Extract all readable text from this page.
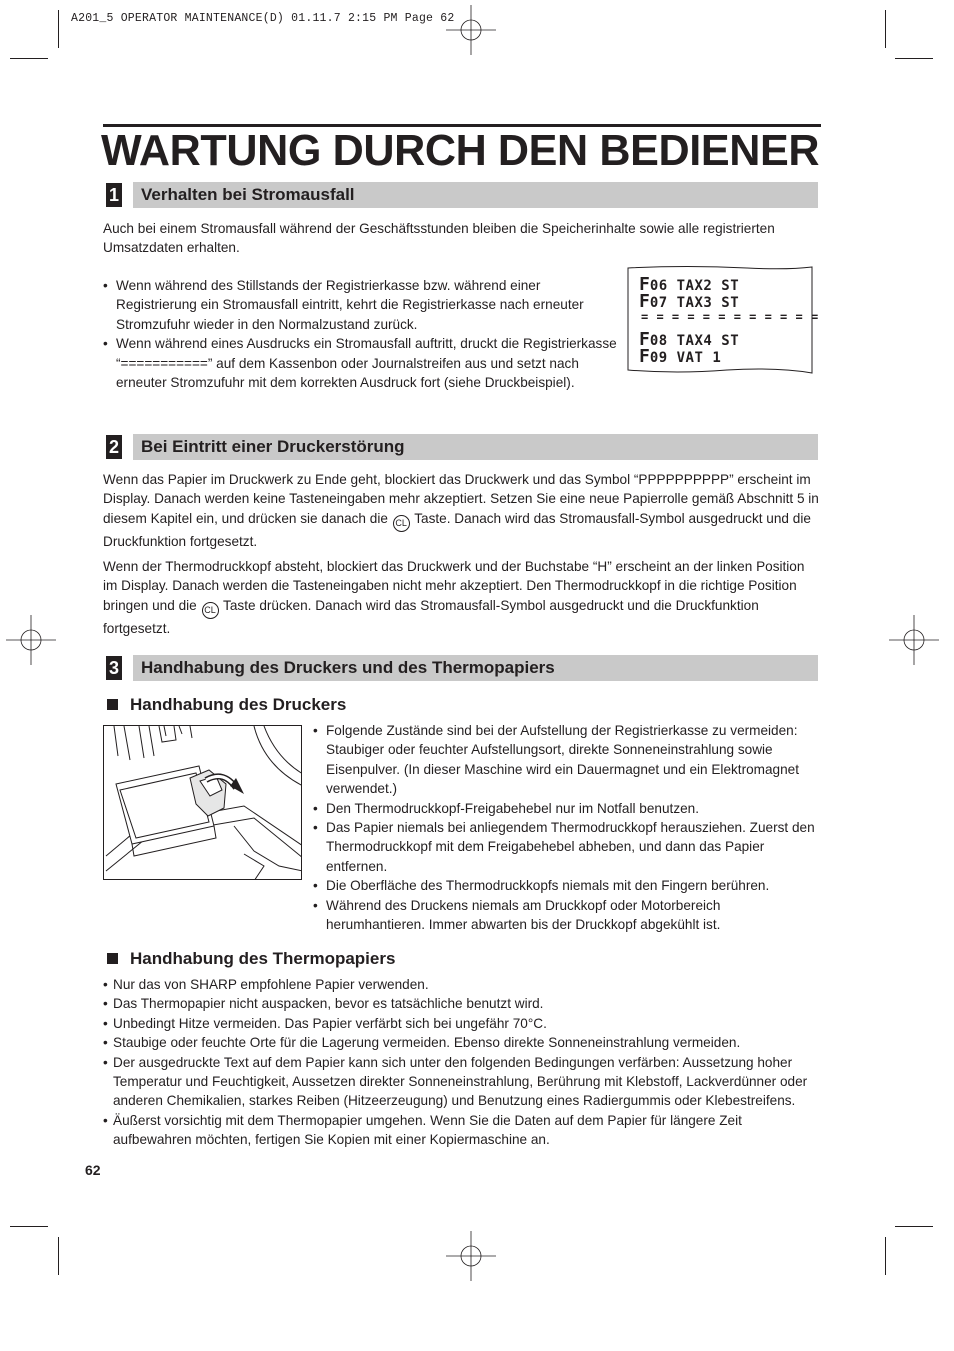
A201_5 OPERATOR MAINTENANCE(D) 01.11.7 2:15 PM Page 62
WARTUNG DURCH DEN BEDIENER
1 Verhalten bei Stromausfall
Auch bei einem Stromausfall während der Geschäftsstunden bleiben die Speicherinhalte sowie alle registrierten Umsatzdaten erhalten.
• Wenn während des Stillstands der Registrierkasse bzw. während einer Registrierung ein Stromausfall eintritt, kehrt die Registrierkasse nach erneuter Stromzufuhr wieder in den Normalzustand zurück.
• Wenn während eines Ausdrucks ein Stromausfall auftritt, druckt die Registrierkasse “===========” auf dem Kassenbon oder Journalstreifen aus und setzt nach erneuter Stromzufuhr mit dem korrekten Ausdruck fort (siehe Druckbeispiel).
F06 TAX2 ST
F07 TAX3 ST
= = = = = = = = = = = =
F08 TAX4 ST
F09 VAT 1
2 Bei Eintritt einer Druckerstörung
Wenn das Papier im Druckwerk zu Ende geht, blockiert das Druckwerk und das Symbol “PPPPPPPPPP” erscheint im Display. Danach werden keine Tasteneingaben mehr akzeptiert. Setzen Sie eine neue Papierrolle gemäß Abschnitt 5 in diesem Kapitel ein, und drücken sie danach die CL Taste. Danach wird das Stromausfall-Symbol ausgedruckt und die Druckfunktion fortgesetzt.
Wenn der Thermodruckkopf absteht, blockiert das Druckwerk und der Buchstabe “H” erscheint an der linken Position im Display. Danach werden die Tasteneingaben nicht mehr akzeptiert. Den Thermodruckkopf in die richtige Position bringen und die CL Taste drücken. Danach wird das Stromausfall-Symbol ausgedruckt und die Druckfunktion fortgesetzt.
3 Handhabung des Druckers und des Thermopapiers
Handhabung des Druckers
• Folgende Zustände sind bei der Aufstellung der Registrierkasse zu vermeiden: Staubiger oder feuchter Aufstellungsort, direkte Sonneneinstrahlung sowie Eisenpulver. (In dieser Maschine wird ein Dauermagnet und ein Elektromagnet verwendet.)
• Den Thermodruckkopf-Freigabehebel nur im Notfall benutzen.
• Das Papier niemals bei anliegendem Thermodruckkopf herausziehen. Zuerst den Thermodruckkopf mit dem Freigabehebel abheben, und dann das Papier entfernen.
• Die Oberfläche des Thermodruckkopfs niemals mit den Fingern berühren.
• Während des Druckens niemals am Druckkopf oder Motorbereich herumhantieren. Immer abwarten bis der Druckkopf abgekühlt ist.
Handhabung des Thermopapiers
• Nur das von SHARP empfohlene Papier verwenden.
• Das Thermopapier nicht auspacken, bevor es tatsächliche benutzt wird.
• Unbedingt Hitze vermeiden. Das Papier verfärbt sich bei ungefähr 70°C.
• Staubige oder feuchte Orte für die Lagerung vermeiden. Ebenso direkte Sonneneinstrahlung vermeiden.
• Der ausgedruckte Text auf dem Papier kann sich unter den folgenden Bedingungen verfärben: Aussetzung hoher Temperatur und Feuchtigkeit, Aussetzen direkter Sonneneinstrahlung, Berührung mit Klebstoff, Lackverdünner oder anderen Chemikalien, starkes Reiben (Hitzeerzeugung) und Benutzung eines Radiergummis oder Klebestreifens.
• Äußerst vorsichtig mit dem Thermopapier umgehen. Wenn Sie die Daten auf dem Papier für längere Zeit aufbewahren möchten, fertigen Sie Kopien mit einer Kopiermaschine an.
62
